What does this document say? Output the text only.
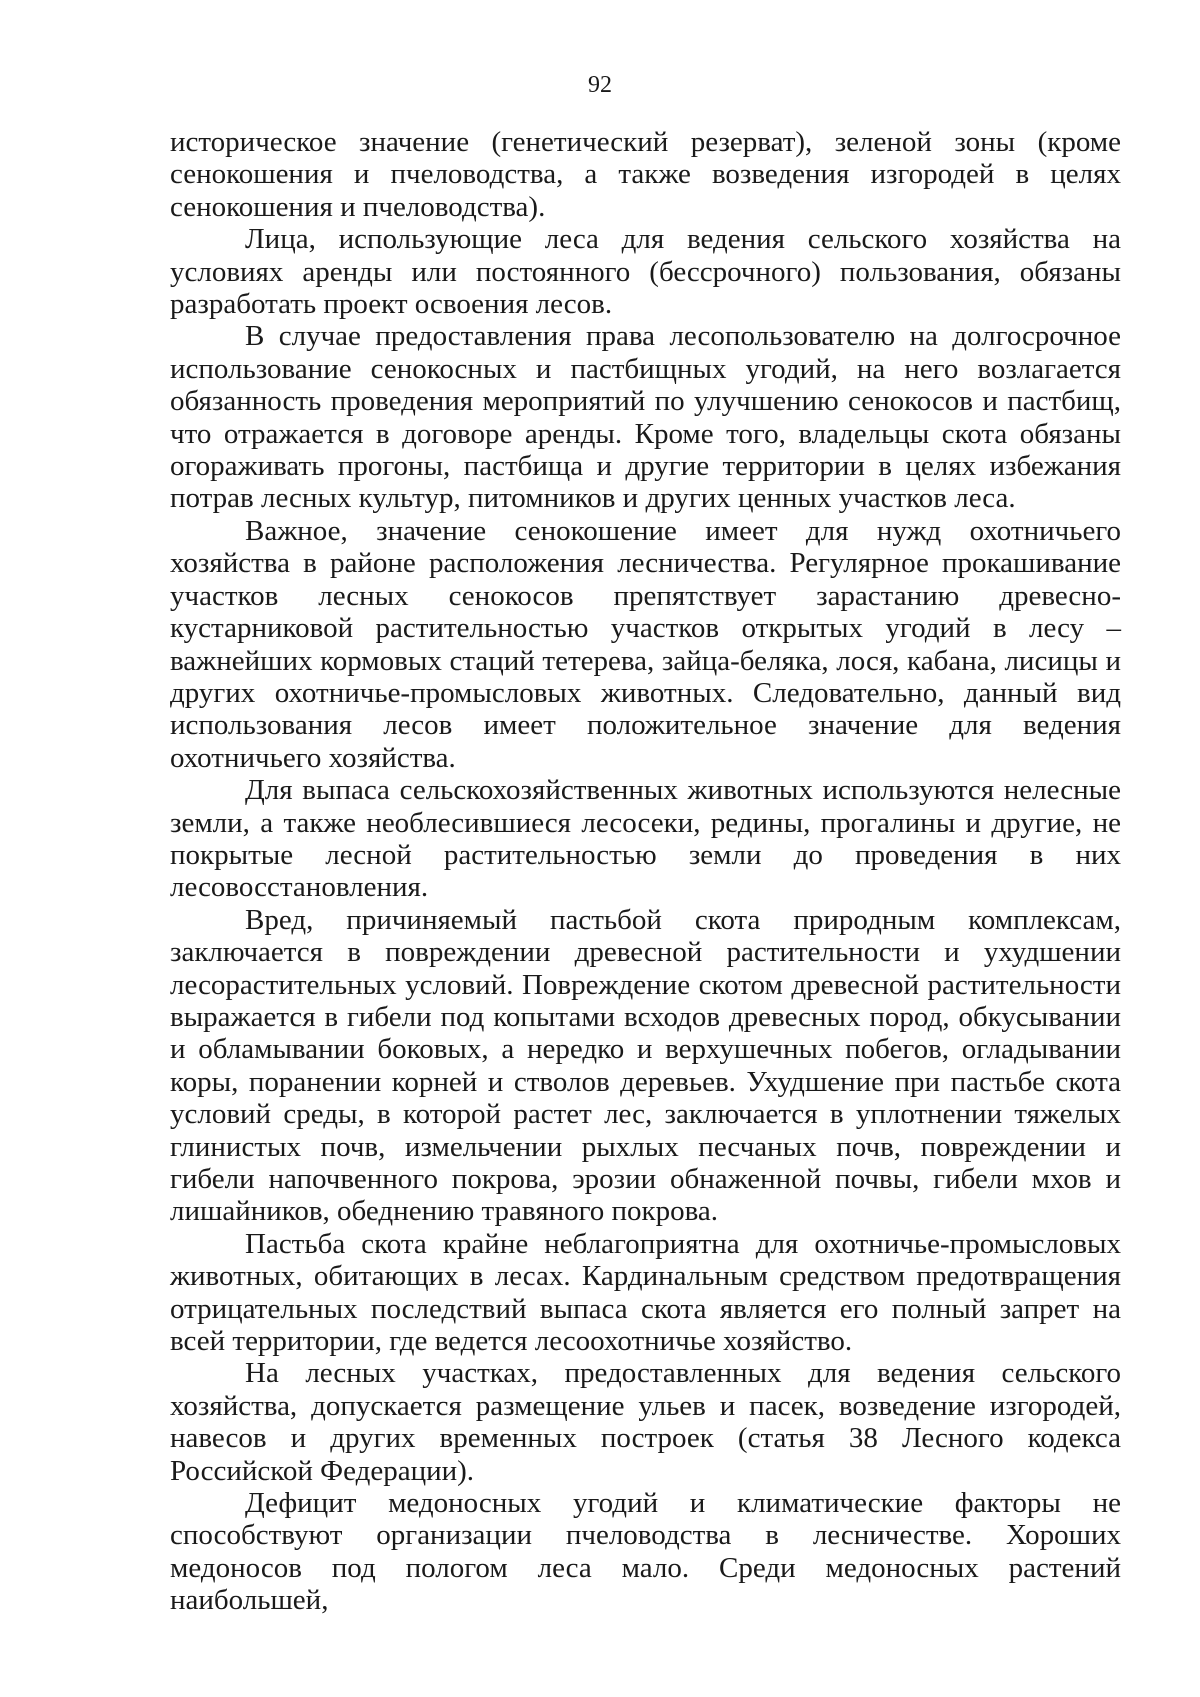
92

историческое значение (генетический резерват), зеленой зоны (кроме сенокошения и пчеловодства, а также возведения изгородей в целях сенокошения и пчеловодства).

Лица, использующие леса для ведения сельского хозяйства на условиях аренды или постоянного (бессрочного) пользования, обязаны разработать проект освоения лесов.

В случае предоставления права лесопользователю на долгосрочное использование сенокосных и пастбищных угодий, на него возлагается обязанность проведения мероприятий по улучшению сенокосов и пастбищ, что отражается в договоре аренды. Кроме того, владельцы скота обязаны огораживать прогоны, пастбища и другие территории в целях избежания потрав лесных культур, питомников и других ценных участков леса.

Важное, значение сенокошение имеет для нужд охотничьего хозяйства в районе расположения лесничества. Регулярное прокашивание участков лесных сенокосов препятствует зарастанию древесно-кустарниковой растительностью участков открытых угодий в лесу – важнейших кормовых стаций тетерева, зайца-беляка, лося, кабана, лисицы и других охотничье-промысловых животных. Следовательно, данный вид использования лесов имеет положительное значение для ведения охотничьего хозяйства.

Для выпаса сельскохозяйственных животных используются нелесные земли, а также необлесившиеся лесосеки, редины, прогалины и другие, не покрытые лесной растительностью земли до проведения в них лесовосстановления.

Вред, причиняемый пастьбой скота природным комплексам, заключается в повреждении древесной растительности и ухудшении лесорастительных условий. Повреждение скотом древесной растительности выражается в гибели под копытами всходов древесных пород, обкусывании и обламывании боковых, а нередко и верхушечных побегов, огладывании коры, поранении корней и стволов деревьев. Ухудшение при пастьбе скота условий среды, в которой растет лес, заключается в уплотнении тяжелых глинистых почв, измельчении рыхлых песчаных почв, повреждении и гибели напочвенного покрова, эрозии обнаженной почвы, гибели мхов и лишайников, обеднению травяного покрова.

Пастьба скота крайне неблагоприятна для охотничье-промысловых животных, обитающих в лесах. Кардинальным средством предотвращения отрицательных последствий выпаса скота является его полный запрет на всей территории, где ведется лесоохотничье хозяйство.

На лесных участках, предоставленных для ведения сельского хозяйства, допускается размещение ульев и пасек, возведение изгородей, навесов и других временных построек (статья 38 Лесного кодекса Российской Федерации).

Дефицит медоносных угодий и климатические факторы не способствуют организации пчеловодства в лесничестве. Хороших медоносов под пологом леса мало. Среди медоносных растений наибольшей,
